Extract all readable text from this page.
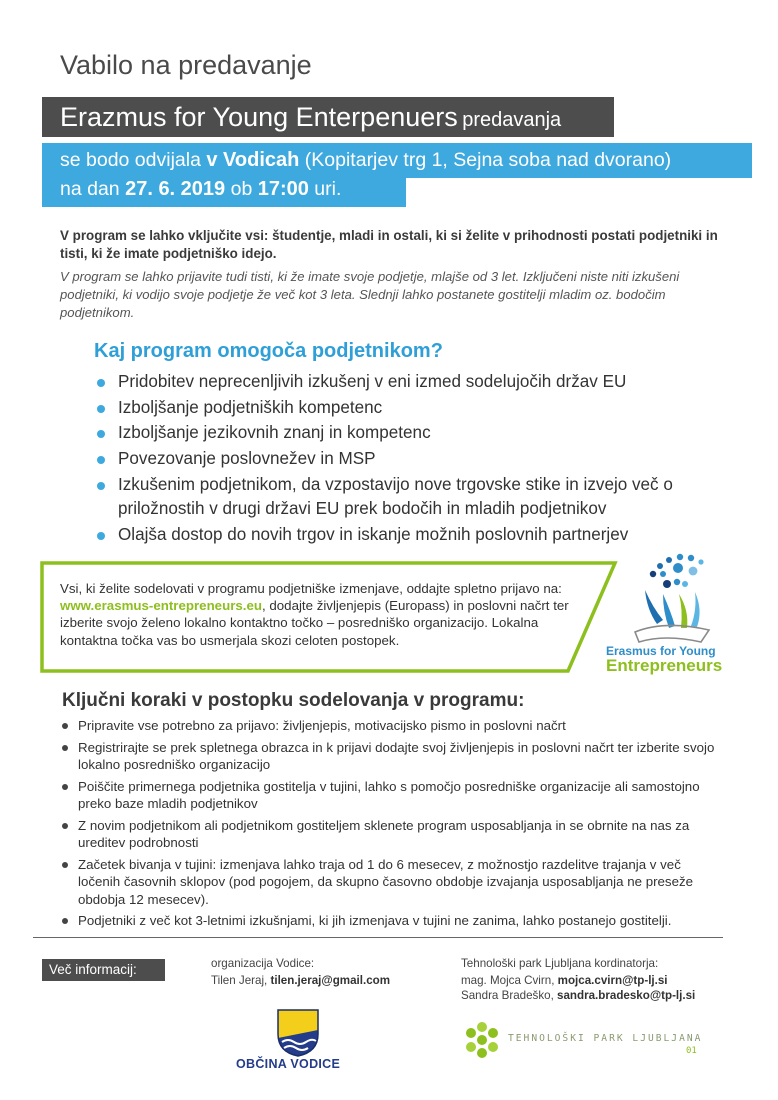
Vabilo na predavanje
Erazmus for Young Enterpenuers predavanja
se bodo odvijala v Vodicah (Kopitarjev trg 1, Sejna soba nad dvorano)
na dan 27. 6. 2019 ob 17:00 uri.
V program se lahko vključite vsi: študentje, mladi in ostali, ki si želite v prihodnosti postati podjetniki in tisti, ki že imate podjetniško idejo.
V program se lahko prijavite tudi tisti, ki že imate svoje podjetje, mlajše od 3 let. Izključeni niste niti izkušeni podjetniki, ki vodijo svoje podjetje že več kot 3 leta. Slednji lahko postanete gostitelji mladim oz. bodočim podjetnikom.
Kaj program omogoča podjetnikom?
Pridobitev neprecenljivih izkušenj v eni izmed sodelujočih držav EU
Izboljšanje podjetniških kompetenc
Izboljšanje jezikovnih znanj in kompetenc
Povezovanje poslovnežev in MSP
Izkušenim podjetnikom, da vzpostavijo nove trgovske stike in izvejo več o priložnostih v drugi državi EU prek bodočih in mladih podjetnikov
Olajša dostop do novih trgov in iskanje možnih poslovnih partnerjev
Vsi, ki želite sodelovati v programu podjetniške izmenjave, oddajte spletno prijavo na: www.erasmus-entrepreneurs.eu, dodajte življenjepis (Europass) in poslovni načrt ter izberite svojo želeno lokalno kontaktno točko – posredniško organizacijo. Lokalna kontaktna točka vas bo usmerjala skozi celoten postopek.
Erasmus for Young
Entrepreneurs
Ključni koraki v postopku sodelovanja v programu:
Pripravite vse potrebno za prijavo: življenjepis, motivacijsko pismo in poslovni načrt
Registrirajte se prek spletnega obrazca in k prijavi dodajte svoj življenjepis in poslovni načrt ter izberite svojo lokalno posredniško organizacijo
Poiščite primernega podjetnika gostitelja v tujini, lahko s pomočjo posredniške organizacije ali samostojno preko baze mladih podjetnikov
Z novim podjetnikom ali podjetnikom gostiteljem sklenete program usposabljanja in se obrnite na nas za ureditev podrobnosti
Začetek bivanja v tujini: izmenjava lahko traja od 1 do 6 mesecev, z možnostjo razdelitve trajanja v več ločenih časovnih sklopov (pod pogojem, da skupno časovno obdobje izvajanja usposabljanja ne preseže obdobja 12 mesecev).
Podjetniki z več kot 3-letnimi izkušnjami, ki jih izmenjava v tujini ne zanima, lahko postanejo gostitelji.
Več informacij:	organizacija Vodice:
Tilen Jeraj, tilen.jeraj@gmail.com
Tehnološki park Ljubljana kordinatorja:
mag. Mojca Cvirn, mojca.cvirn@tp-lj.si
Sandra Bradeško, sandra.bradesko@tp-lj.si
OBČINA VODICE
TEHNOLOŠKI PARK LJUBLJANA
01
